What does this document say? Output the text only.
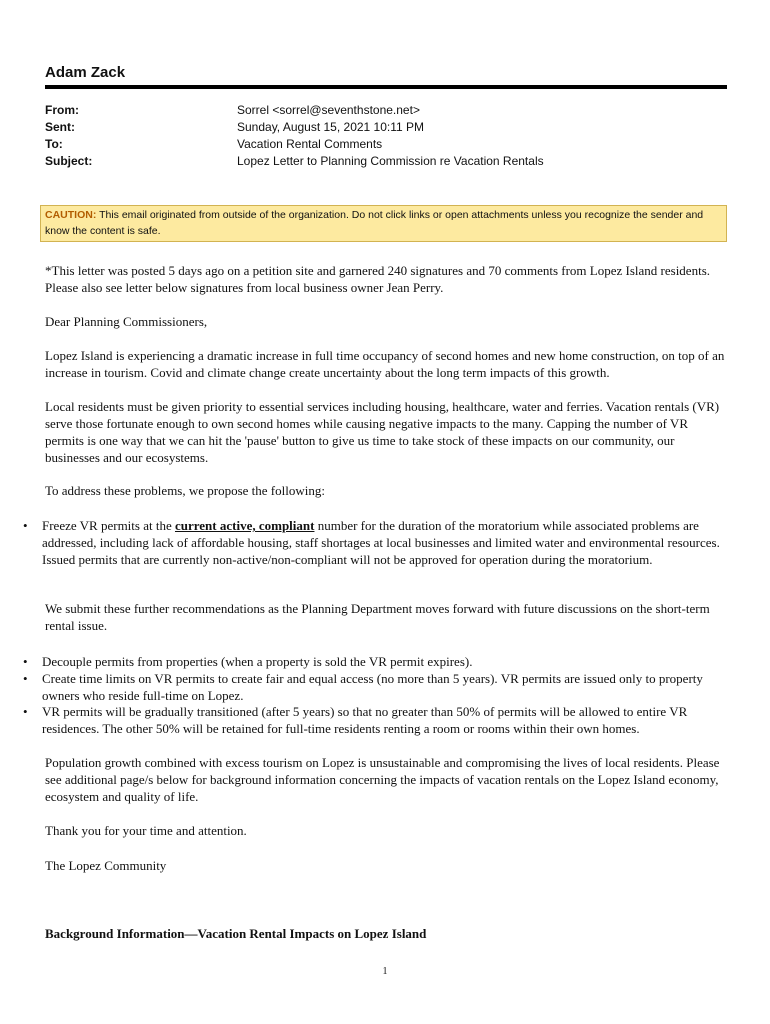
Adam Zack
From:	Sorrel <sorrel@seventhstone.net>
Sent:	Sunday, August 15, 2021 10:11 PM
To:	Vacation Rental Comments
Subject:	Lopez Letter to Planning Commission re Vacation Rentals
CAUTION: This email originated from outside of the organization. Do not click links or open attachments unless you recognize the sender and know the content is safe.

*This letter was posted 5 days ago on a petition site and garnered 240 signatures and 70 comments from Lopez Island residents. Please also see letter below signatures from local business owner Jean Perry.

Dear Planning Commissioners,

Lopez Island is experiencing a dramatic increase in full time occupancy of second homes and new home construction, on top of an increase in tourism. Covid and climate change create uncertainty about the long term impacts of this growth.

Local residents must be given priority to essential services including housing, healthcare, water and ferries. Vacation rentals (VR) serve those fortunate enough to own second homes while causing negative impacts to the many. Capping the number of VR permits is one way that we can hit the 'pause' button to give us time to take stock of these impacts on our community, our businesses and our ecosystems.

To address these problems, we propose the following:

•	Freeze VR permits at the current active, compliant number for the duration of the moratorium while associated problems are addressed, including lack of affordable housing, staff shortages at local businesses and limited water and environmental resources. Issued permits that are currently non-active/non-compliant will not be approved for operation during the moratorium.

We submit these further recommendations as the Planning Department moves forward with future discussions on the short-term rental issue.

•	Decouple permits from properties (when a property is sold the VR permit expires).
•	Create time limits on VR permits to create fair and equal access (no more than 5 years). VR permits are issued only to property owners who reside full-time on Lopez.
•	VR permits will be gradually transitioned (after 5 years) so that no greater than 50% of permits will be allowed to entire VR residences. The other 50% will be retained for full-time residents renting a room or rooms within their own homes.

Population growth combined with excess tourism on Lopez is unsustainable and compromising the lives of local residents. Please see additional page/s below for background information concerning the impacts of vacation rentals on the Lopez Island economy, ecosystem and quality of life.

Thank you for your time and attention.

The Lopez Community

Background Information—Vacation Rental Impacts on Lopez Island
1
